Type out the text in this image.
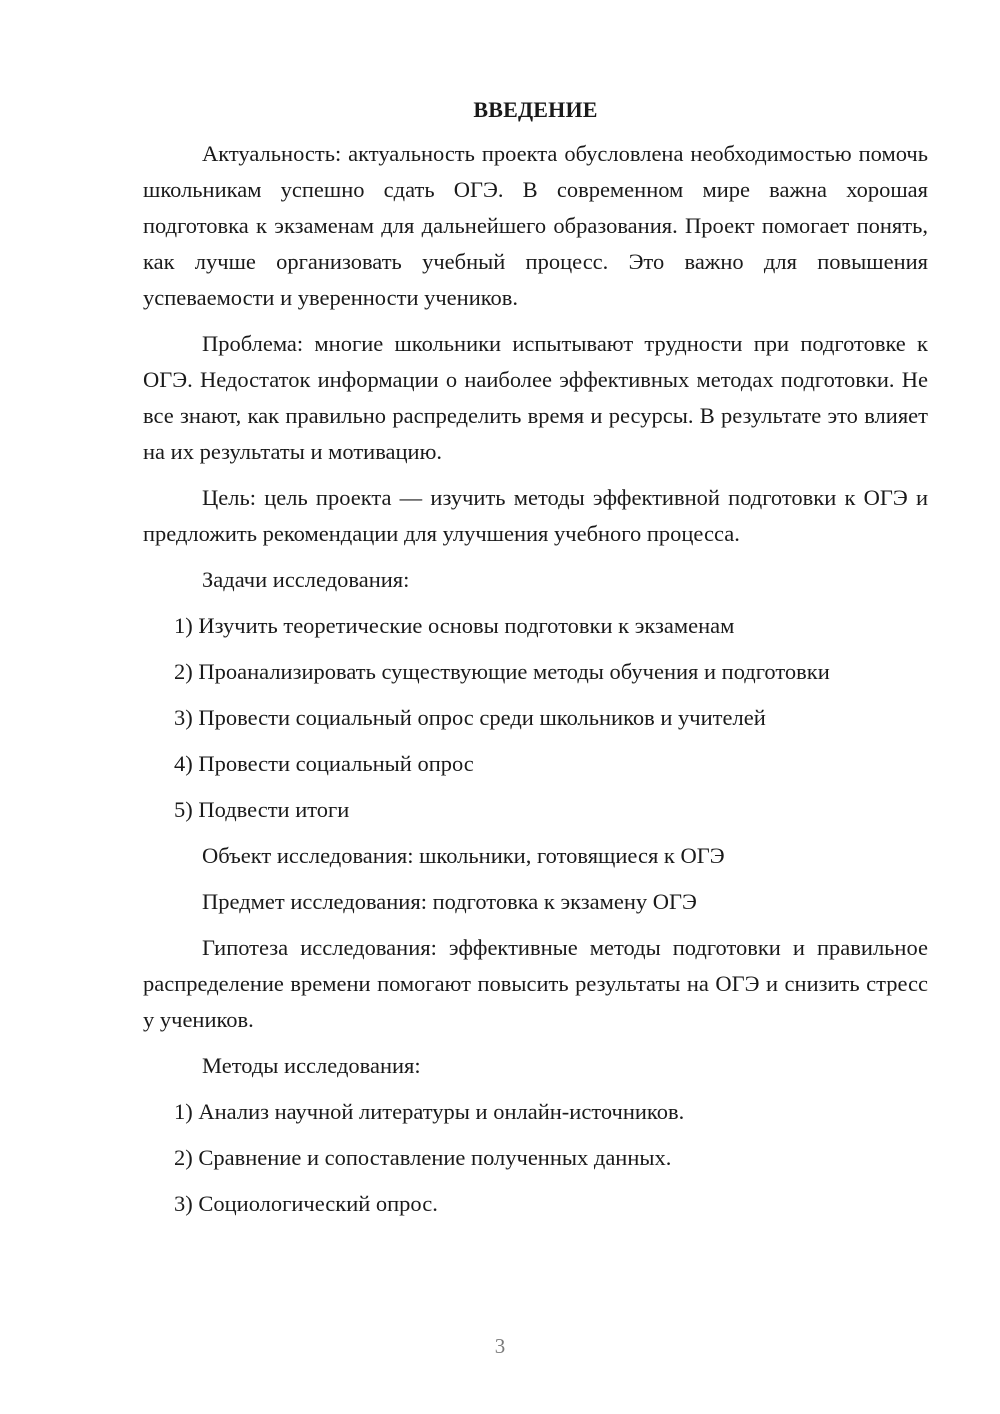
ВВЕДЕНИЕ

Актуальность: актуальность проекта обусловлена необходимостью помочь школьникам успешно сдать ОГЭ. В современном мире важна хорошая подготовка к экзаменам для дальнейшего образования. Проект помогает понять, как лучше организовать учебный процесс. Это важно для повышения успеваемости и уверенности учеников.

Проблема: многие школьники испытывают трудности при подготовке к ОГЭ. Недостаток информации о наиболее эффективных методах подготовки. Не все знают, как правильно распределить время и ресурсы. В результате это влияет на их результаты и мотивацию.

Цель: цель проекта — изучить методы эффективной подготовки к ОГЭ и предложить рекомендации для улучшения учебного процесса.

Задачи исследования:

1) Изучить теоретические основы подготовки к экзаменам

2) Проанализировать существующие методы обучения и подготовки

3) Провести социальный опрос среди школьников и учителей

4) Провести социальный опрос

5) Подвести итоги

Объект исследования: школьники, готовящиеся к ОГЭ

Предмет исследования: подготовка к экзамену ОГЭ

Гипотеза исследования: эффективные методы подготовки и правильное распределение времени помогают повысить результаты на ОГЭ и снизить стресс у учеников.

Методы исследования:

1) Анализ научной литературы и онлайн-источников.

2) Сравнение и сопоставление полученных данных.

3) Социологический опрос.

3
